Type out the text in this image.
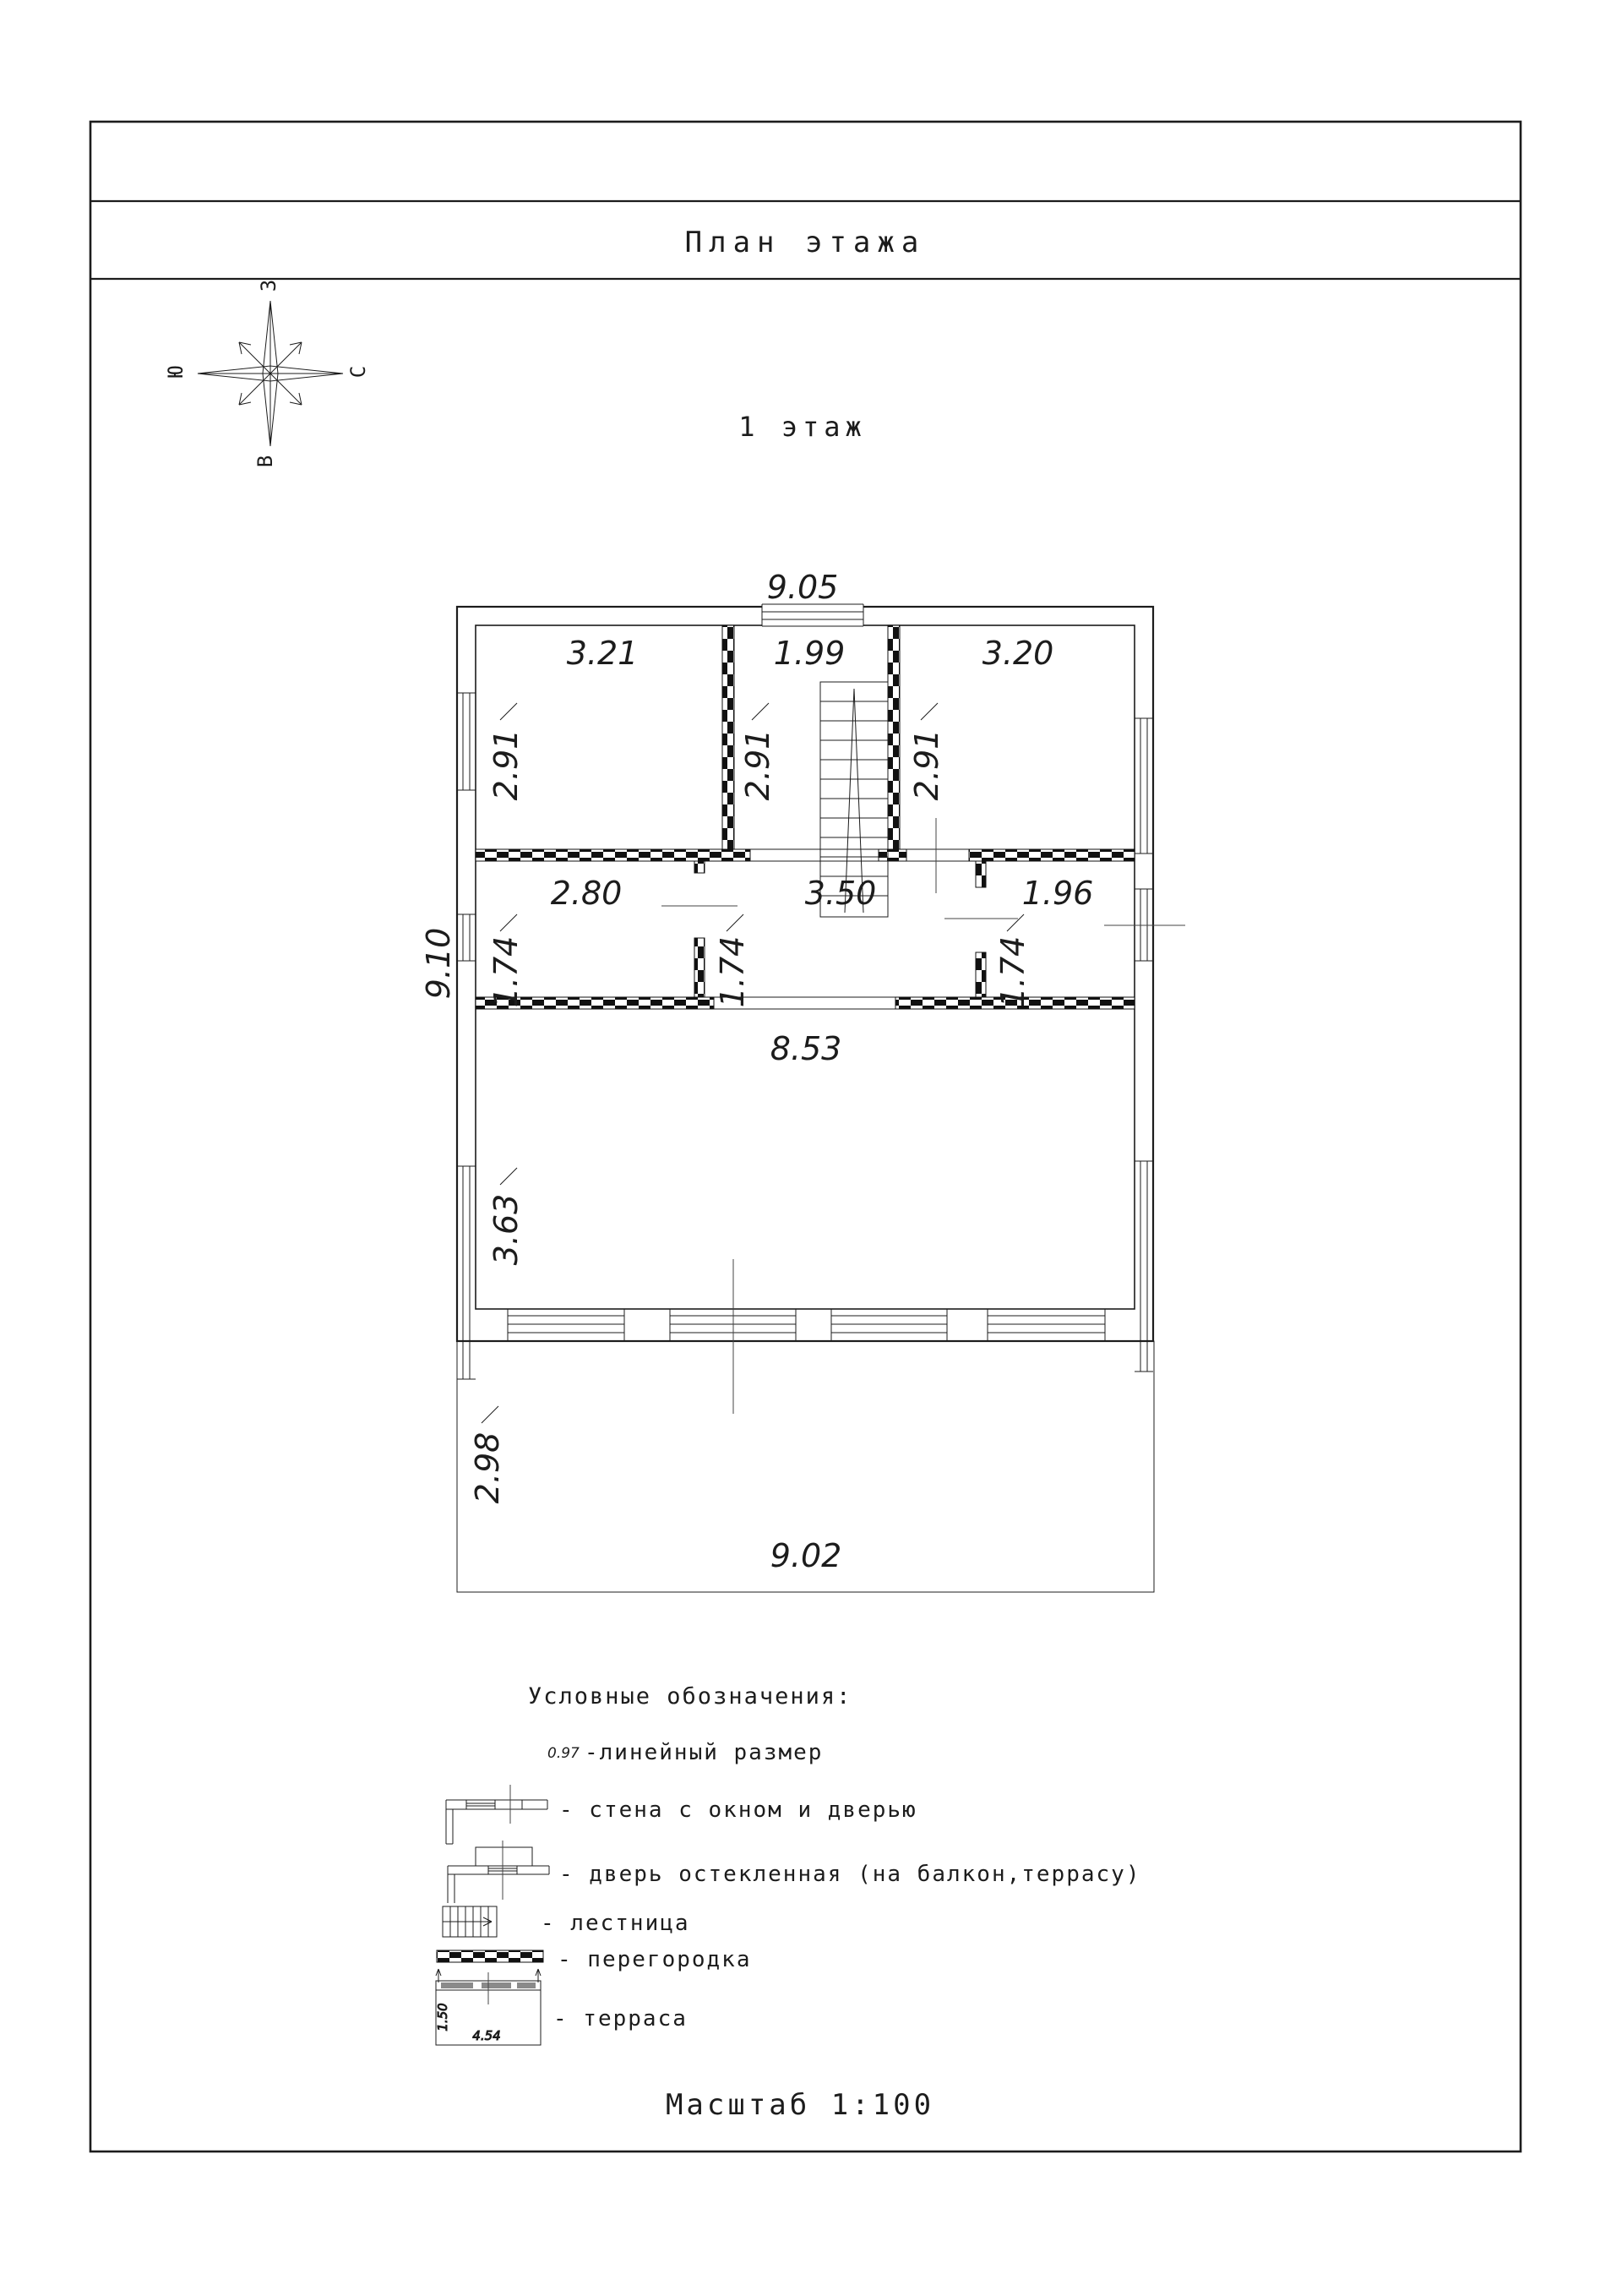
План этажа
З
С
Ю
В
1 этаж
9.05
3.21	1.99	3.20
2.91	2.91	2.91
9.10
2.80	3.50	1.96
1.74	1.74	1.74
8.53
3.63
2.98
9.02
Условные обозначения:
0.97 -линейный размер
- стена с окном и дверью
- дверь остекленная (на балкон,террасу)
- лестница
- перегородка
1.50
4.54
- терраса
Масштаб 1:100
